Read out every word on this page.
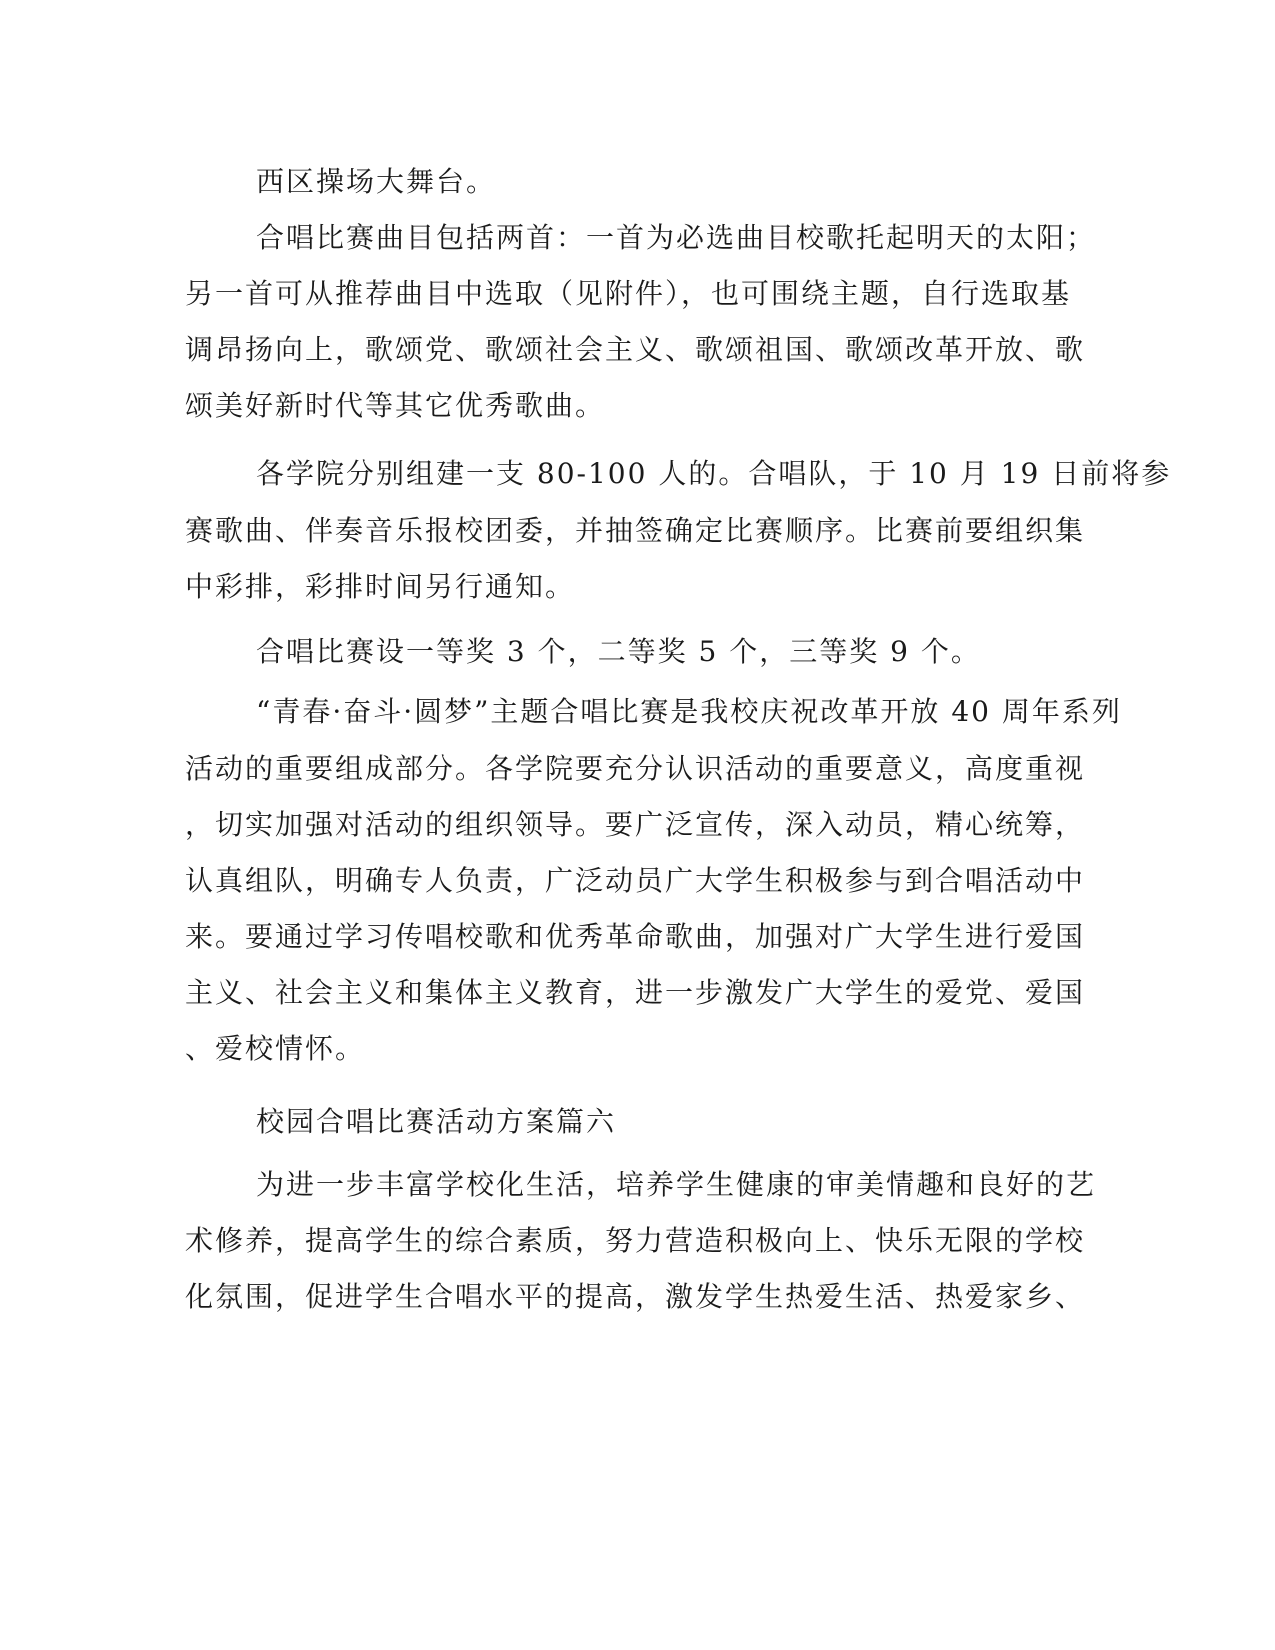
西区操场大舞台。
合唱比赛曲目包括两首：一首为必选曲目校歌托起明天的太阳；
另一首可从推荐曲目中选取（见附件），也可围绕主题，自行选取基
调昂扬向上，歌颂党、歌颂社会主义、歌颂祖国、歌颂改革开放、歌
颂美好新时代等其它优秀歌曲。
各学院分别组建一支 80-100 人的。合唱队，于 10 月 19 日前将参
赛歌曲、伴奏音乐报校团委，并抽签确定比赛顺序。比赛前要组织集
中彩排，彩排时间另行通知。
合唱比赛设一等奖 3 个，二等奖 5 个，三等奖 9 个。
“青春·奋斗·圆梦”主题合唱比赛是我校庆祝改革开放 40 周年系列
活动的重要组成部分。各学院要充分认识活动的重要意义，高度重视
，切实加强对活动的组织领导。要广泛宣传，深入动员，精心统筹，
认真组队，明确专人负责，广泛动员广大学生积极参与到合唱活动中
来。要通过学习传唱校歌和优秀革命歌曲，加强对广大学生进行爱国
主义、社会主义和集体主义教育，进一步激发广大学生的爱党、爱国
、爱校情怀。
校园合唱比赛活动方案篇六
为进一步丰富学校化生活，培养学生健康的审美情趣和良好的艺
术修养，提高学生的综合素质，努力营造积极向上、快乐无限的学校
化氛围，促进学生合唱水平的提高，激发学生热爱生活、热爱家乡、
